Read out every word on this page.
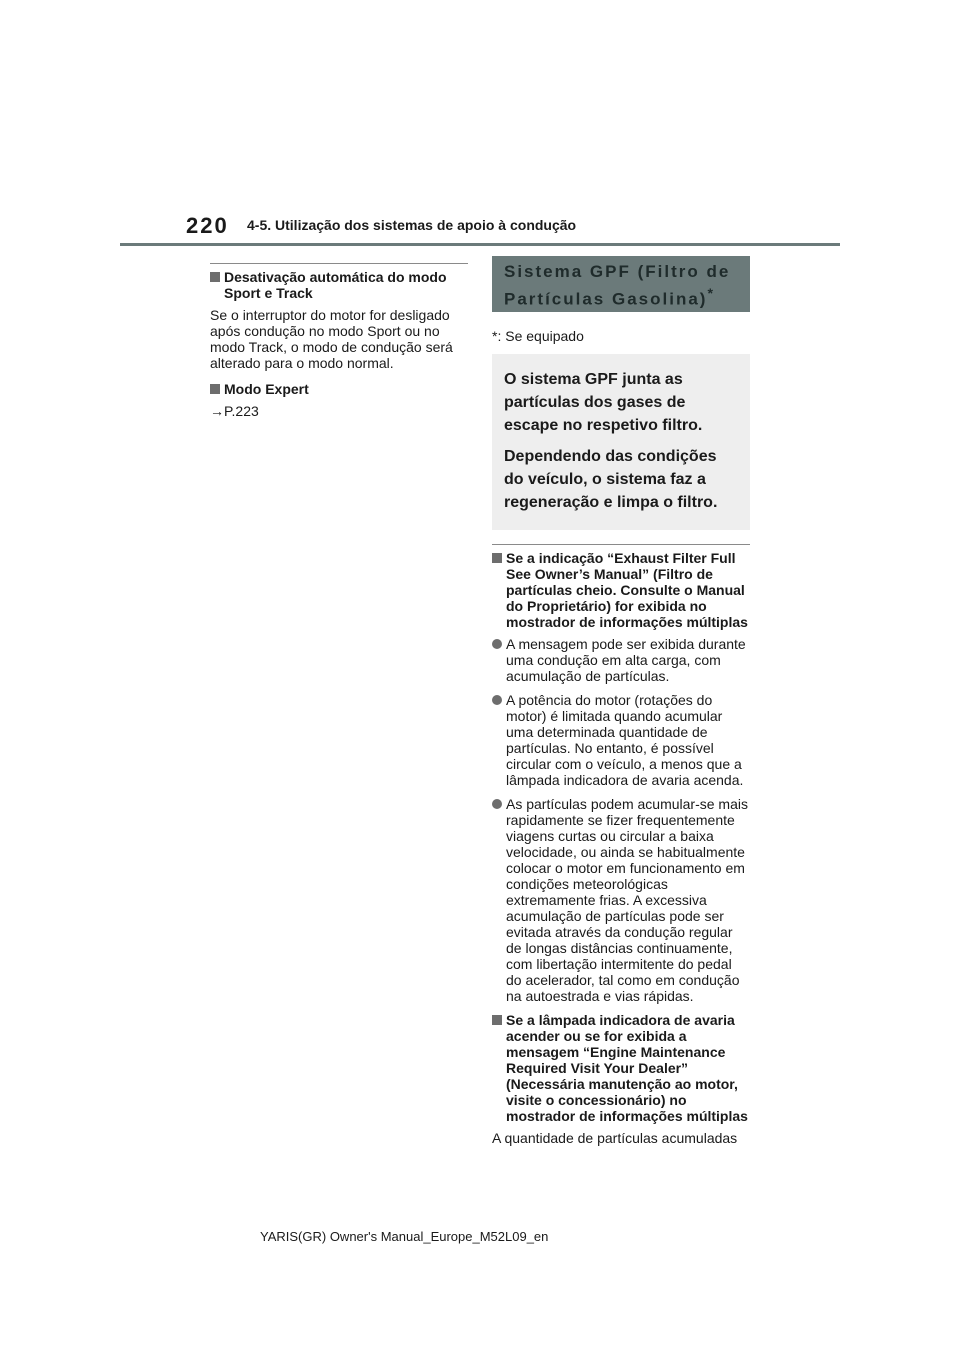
220 4-5. Utilização dos sistemas de apoio à condução
Desativação automática do modo Sport e Track

Se o interruptor do motor for desligado após condução no modo Sport ou no modo Track, o modo de condução será alterado para o modo normal.

Modo Expert
→P.223
Sistema GPF (Filtro de Partículas Gasolina)*

*: Se equipado

O sistema GPF junta as partículas dos gases de escape no respetivo filtro.

Dependendo das condições do veículo, o sistema faz a regeneração e limpa o filtro.

Se a indicação “Exhaust Filter Full See Owner’s Manual” (Filtro de partículas cheio. Consulte o Manual do Proprietário) for exibida no mostrador de informações múltiplas
A mensagem pode ser exibida durante uma condução em alta carga, com acumulação de partículas.
A potência do motor (rotações do motor) é limitada quando acumular uma determinada quantidade de partículas. No entanto, é possível circular com o veículo, a menos que a lâmpada indicadora de avaria acenda.
As partículas podem acumular-se mais rapidamente se fizer frequentemente viagens curtas ou circular a baixa velocidade, ou ainda se habitualmente colocar o motor em funcionamento em condições meteorológicas extremamente frias. A excessiva acumulação de partículas pode ser evitada através da condução regular de longas distâncias continuamente, com libertação intermitente do pedal do acelerador, tal como em condução na autoestrada e vias rápidas.
Se a lâmpada indicadora de avaria acender ou se for exibida a mensagem “Engine Maintenance Required Visit Your Dealer” (Necessária manutenção ao motor, visite o concessionário) no mostrador de informações múltiplas

A quantidade de partículas acumuladas

YARIS(GR) Owner's Manual_Europe_M52L09_en
